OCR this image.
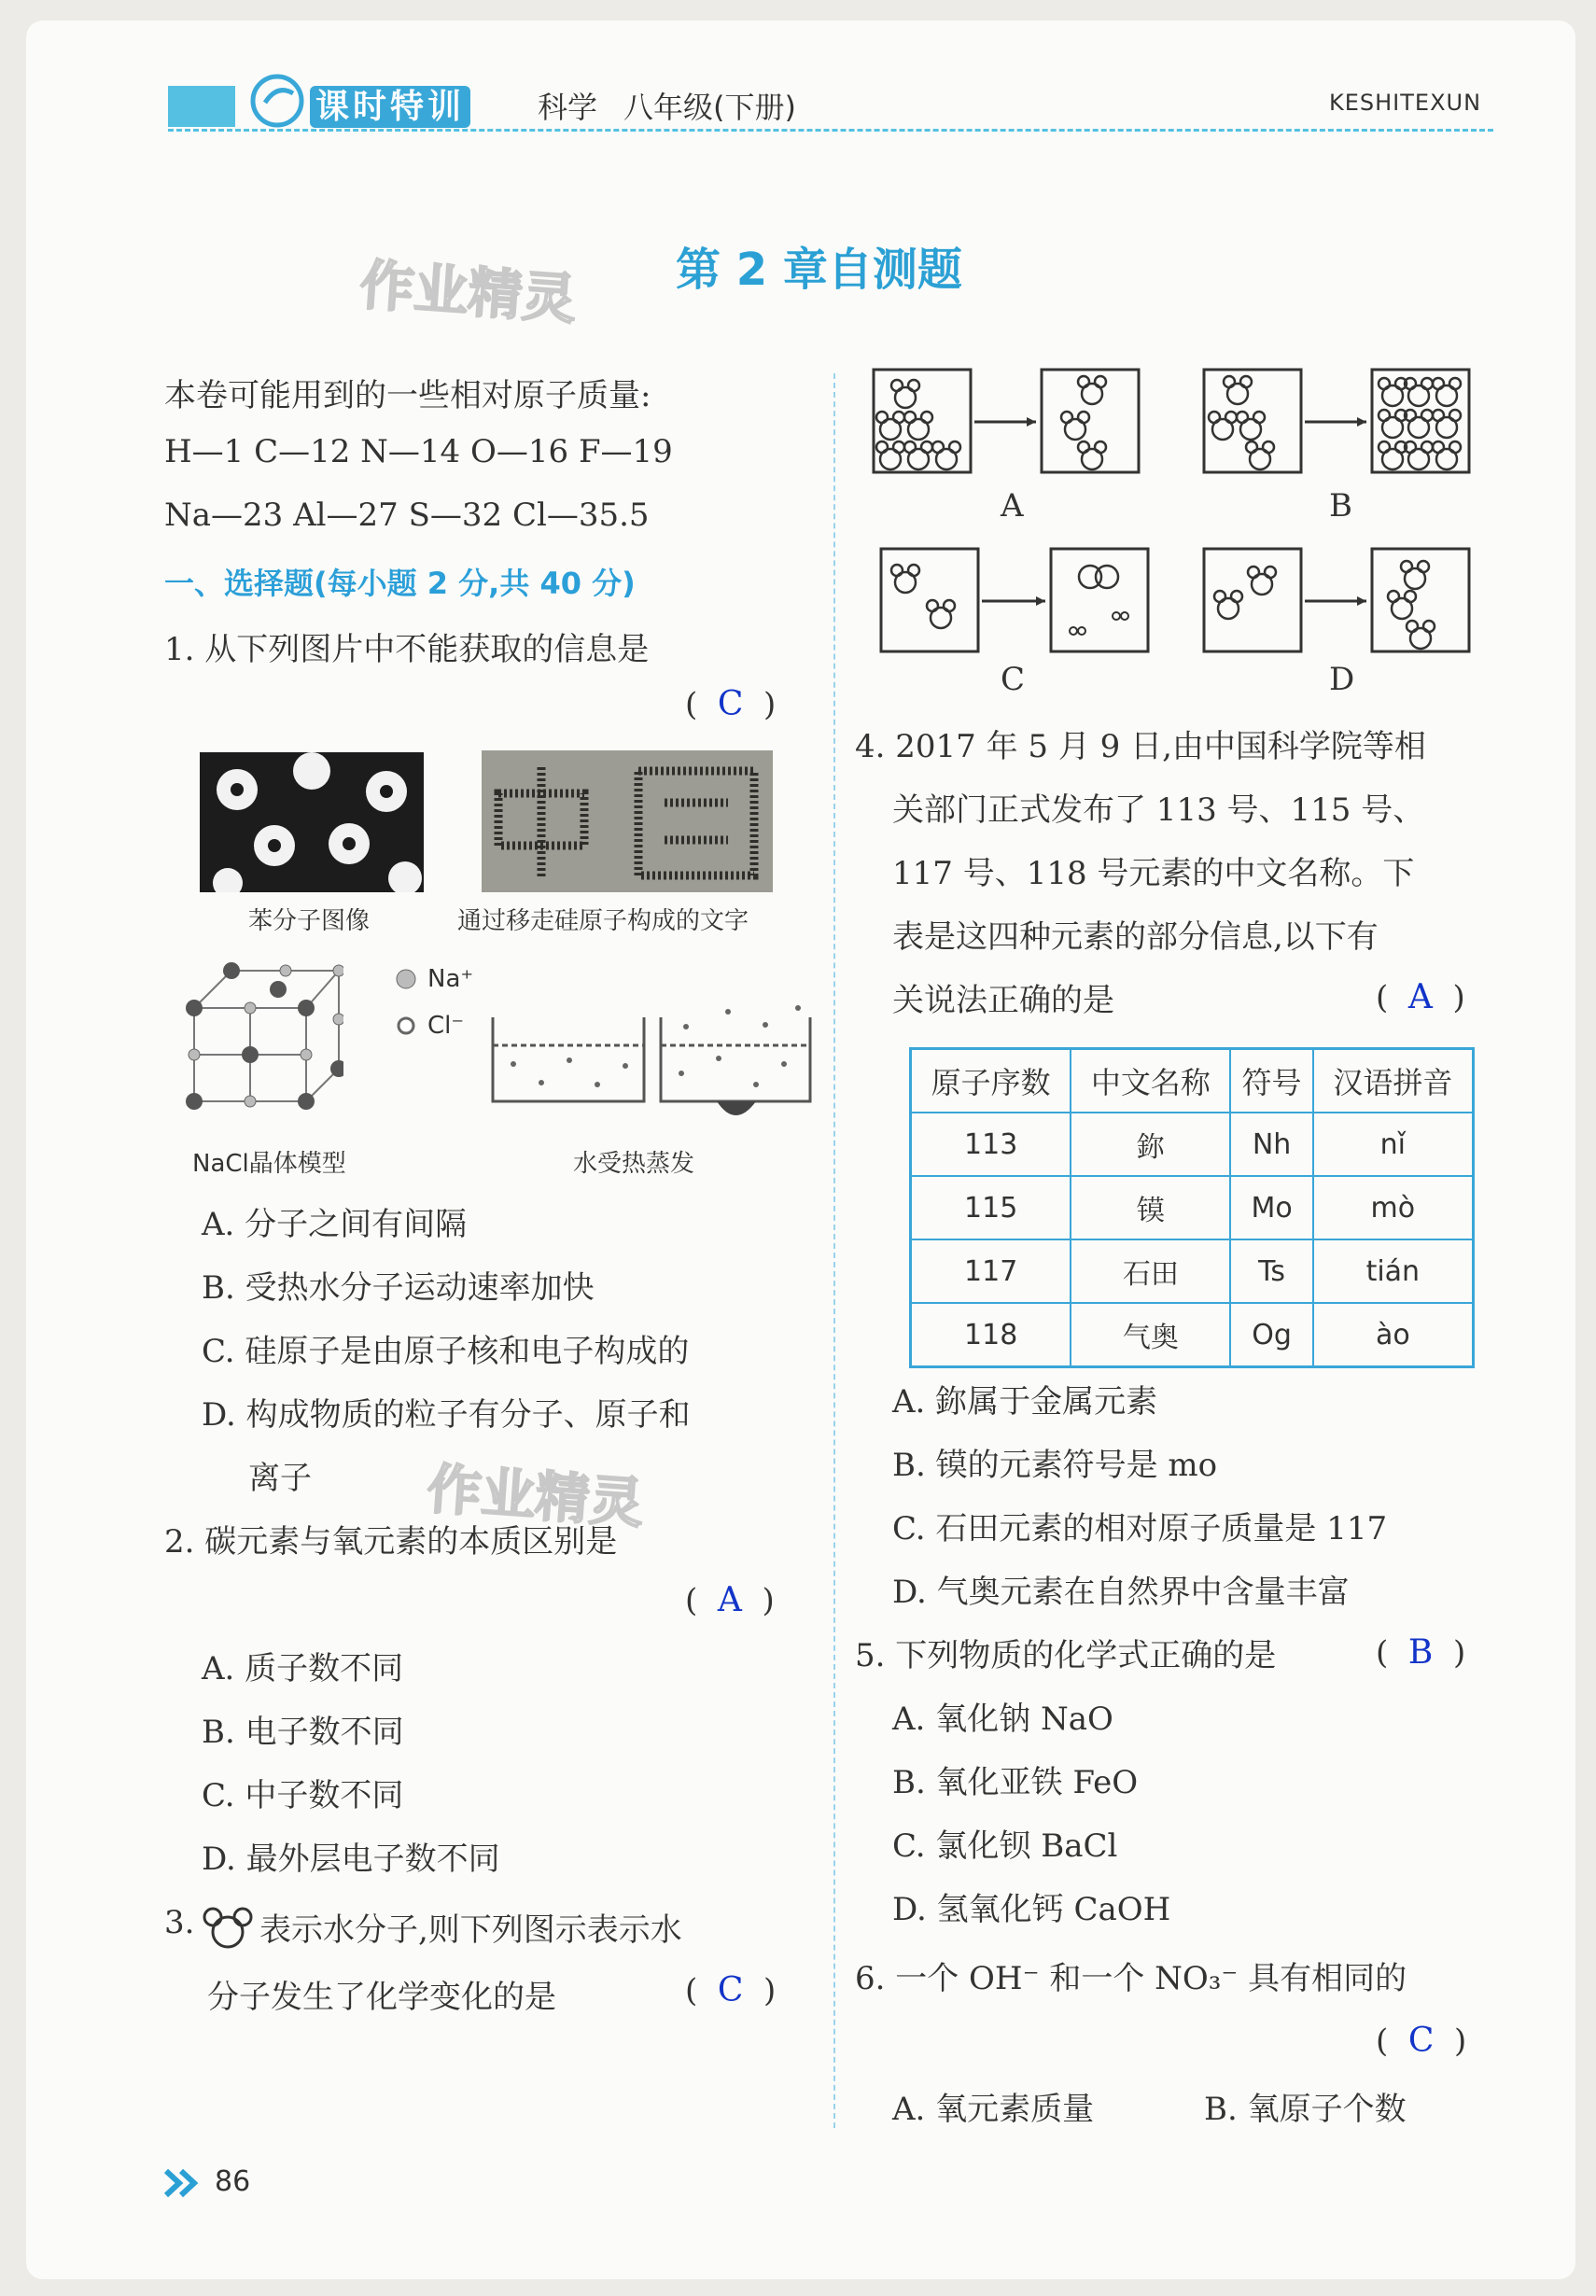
课时特训 科学 八年级(下册)	KESHITEXUN
作业精灵 第 2 章自测题
本卷可能用到的一些相对原子质量:
H—1 C—12 N—14 O—16 F—19
Na—23 Al—27 S—32 Cl—35.5
一、选择题(每小题 2 分,共 40 分)
1. 从下列图片中不能获取的信息是
(  C  )
苯分子图像	通过移走硅原子构成的文字
Na⁺
Cl⁻
NaCl晶体模型	水受热蒸发
A. 分子之间有间隔
B. 受热水分子运动速率加快
C. 硅原子是由原子核和电子构成的
D. 构成物质的粒子有分子、原子和
离子 作业精灵
2. 碳元素与氧元素的本质区别是
(  A  )
A. 质子数不同
B. 电子数不同
C. 中子数不同
D. 最外层电子数不同
3. 表示水分子,则下列图示表示水
分子发生了化学变化的是	(  C  )
A	B
C	D
4. 2017 年 5 月 9 日,由中国科学院等相
关部门正式发布了 113 号、115 号、
117 号、118 号元素的中文名称。下
表是这四种元素的部分信息,以下有
关说法正确的是	(  A  )
原子序数	中文名称	符号	汉语拼音
113	鉨	Nh	nǐ
115	镆	Mo	mò
117	石田	Ts	tián
118	气奥	Og	ào
A. 鉨属于金属元素
B. 镆的元素符号是 mo
C. 石田元素的相对原子质量是 117
D. 气奥元素在自然界中含量丰富
5. 下列物质的化学式正确的是	(  B  )
A. 氧化钠 NaO
B. 氧化亚铁 FeO
C. 氯化钡 BaCl
D. 氢氧化钙 CaOH
6. 一个 OH⁻ 和一个 NO₃⁻ 具有相同的
(  C  )
A. 氧元素质量	B. 氧原子个数
86
